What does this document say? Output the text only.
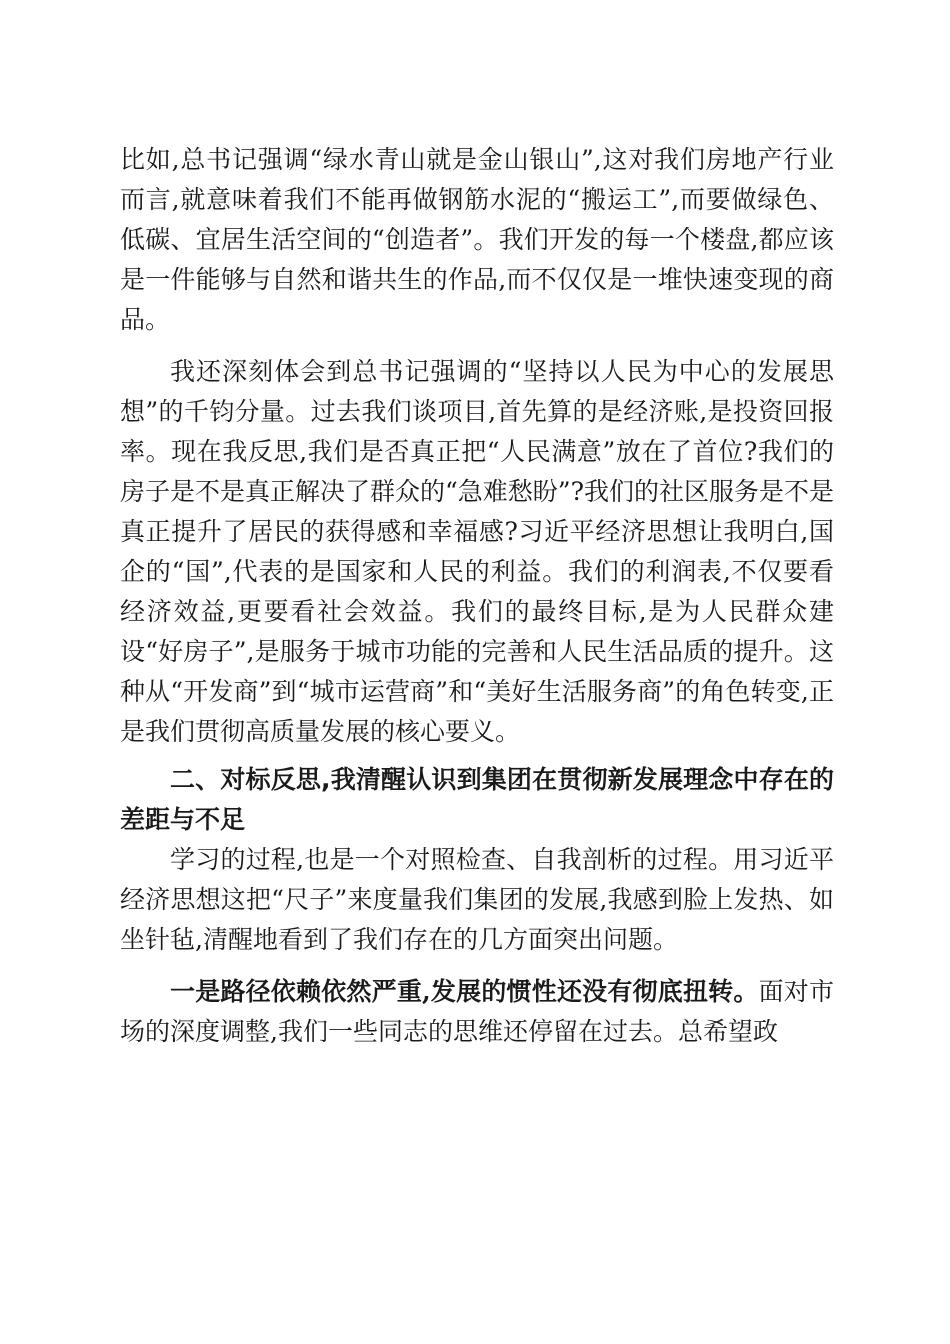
比如,总书记强调“绿水青山就是金山银山”,这对我们房地产行业而言,就意味着我们不能再做钢筋水泥的“搬运工”,而要做绿色、低碳、宜居生活空间的“创造者”。我们开发的每一个楼盘,都应该是一件能够与自然和谐共生的作品,而不仅仅是一堆快速变现的商品。

我还深刻体会到总书记强调的“坚持以人民为中心的发展思想”的千钧分量。过去我们谈项目,首先算的是经济账,是投资回报率。现在我反思,我们是否真正把“人民满意”放在了首位?我们的房子是不是真正解决了群众的“急难愁盼”?我们的社区服务是不是真正提升了居民的获得感和幸福感?习近平经济思想让我明白,国企的“国”,代表的是国家和人民的利益。我们的利润表,不仅要看经济效益,更要看社会效益。我们的最终目标,是为人民群众建设“好房子”,是服务于城市功能的完善和人民生活品质的提升。这种从“开发商”到“城市运营商”和“美好生活服务商”的角色转变,正是我们贯彻高质量发展的核心要义。

二、对标反思,我清醒认识到集团在贯彻新发展理念中存在的差距与不足

学习的过程,也是一个对照检查、自我剖析的过程。用习近平经济思想这把“尺子”来度量我们集团的发展,我感到脸上发热、如坐针毡,清醒地看到了我们存在的几方面突出问题。

一是路径依赖依然严重,发展的惯性还没有彻底扭转。面对市场的深度调整,我们一些同志的思维还停留在过去。总希望政
